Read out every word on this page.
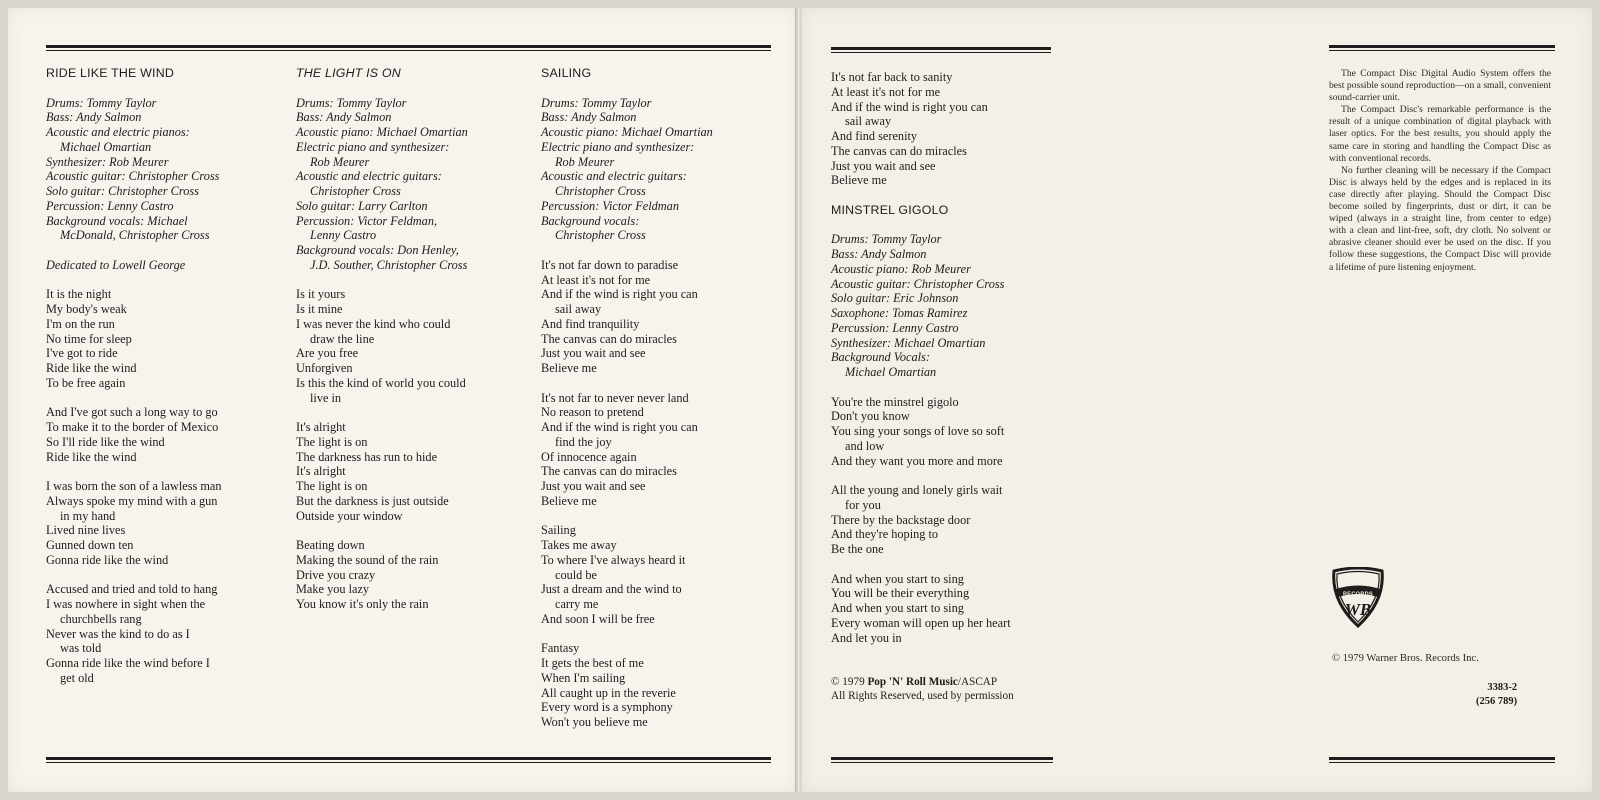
RIDE LIKE THE WIND
Drums: Tommy Taylor
Bass: Andy Salmon
Acoustic and electric pianos:
Michael Omartian
Synthesizer: Rob Meurer
Acoustic guitar: Christopher Cross
Solo guitar: Christopher Cross
Percussion: Lenny Castro
Background vocals: Michael
McDonald, Christopher Cross
Dedicated to Lowell George
It is the night
My body's weak
I'm on the run
No time for sleep
I've got to ride
Ride like the wind
To be free again
And I've got such a long way to go
To make it to the border of Mexico
So I'll ride like the wind
Ride like the wind
I was born the son of a lawless man
Always spoke my mind with a gun
in my hand
Lived nine lives
Gunned down ten
Gonna ride like the wind
Accused and tried and told to hang
I was nowhere in sight when the
churchbells rang
Never was the kind to do as I
was told
Gonna ride like the wind before I
get old
THE LIGHT IS ON
Drums: Tommy Taylor
Bass: Andy Salmon
Acoustic piano: Michael Omartian
Electric piano and synthesizer:
Rob Meurer
Acoustic and electric guitars:
Christopher Cross
Solo guitar: Larry Carlton
Percussion: Victor Feldman,
Lenny Castro
Background vocals: Don Henley,
J.D. Souther, Christopher Cross
Is it yours
Is it mine
I was never the kind who could
draw the line
Are you free
Unforgiven
Is this the kind of world you could
live in
It's alright
The light is on
The darkness has run to hide
It's alright
The light is on
But the darkness is just outside
Outside your window
Beating down
Making the sound of the rain
Drive you crazy
Make you lazy
You know it's only the rain
SAILING
Drums: Tommy Taylor
Bass: Andy Salmon
Acoustic piano: Michael Omartian
Electric piano and synthesizer:
Rob Meurer
Acoustic and electric guitars:
Christopher Cross
Percussion: Victor Feldman
Background vocals:
Christopher Cross
It's not far down to paradise
At least it's not for me
And if the wind is right you can
sail away
And find tranquility
The canvas can do miracles
Just you wait and see
Believe me
It's not far to never never land
No reason to pretend
And if the wind is right you can
find the joy
Of innocence again
The canvas can do miracles
Just you wait and see
Believe me
Sailing
Takes me away
To where I've always heard it
could be
Just a dream and the wind to
carry me
And soon I will be free
Fantasy
It gets the best of me
When I'm sailing
All caught up in the reverie
Every word is a symphony
Won't you believe me
It's not far back to sanity
At least it's not for me
And if the wind is right you can
sail away
And find serenity
The canvas can do miracles
Just you wait and see
Believe me
MINSTREL GIGOLO
Drums: Tommy Taylor
Bass: Andy Salmon
Acoustic piano: Rob Meurer
Acoustic guitar: Christopher Cross
Solo guitar: Eric Johnson
Saxophone: Tomas Ramirez
Percussion: Lenny Castro
Synthesizer: Michael Omartian
Background Vocals:
Michael Omartian
You're the minstrel gigolo
Don't you know
You sing your songs of love so soft
and low
And they want you more and more
All the young and lonely girls wait
for you
There by the backstage door
And they're hoping to
Be the one
And when you start to sing
You will be their everything
And when you start to sing
Every woman will open up her heart
And let you in
© 1979 Pop 'N' Roll Music/ASCAP
All Rights Reserved, used by permission

The Compact Disc Digital Audio System offers the best possible sound reproduction—on a small, convenient sound-carrier unit.

The Compact Disc's remarkable performance is the result of a unique combination of digital playback with laser optics. For the best results, you should apply the same care in storing and handling the Compact Disc as with conventional records.

No further cleaning will be necessary if the Compact Disc is always held by the edges and is replaced in its case directly after playing. Should the Compact Disc become soiled by fingerprints, dust or dirt, it can be wiped (always in a straight line, from center to edge) with a clean and lint-free, soft, dry cloth. No solvent or abrasive cleaner should ever be used on the disc. If you follow these suggestions, the Compact Disc will provide a lifetime of pure listening enjoyment.

RECORDS
WB
© 1979 Warner Bros. Records Inc.
3383-2
(256 789)
